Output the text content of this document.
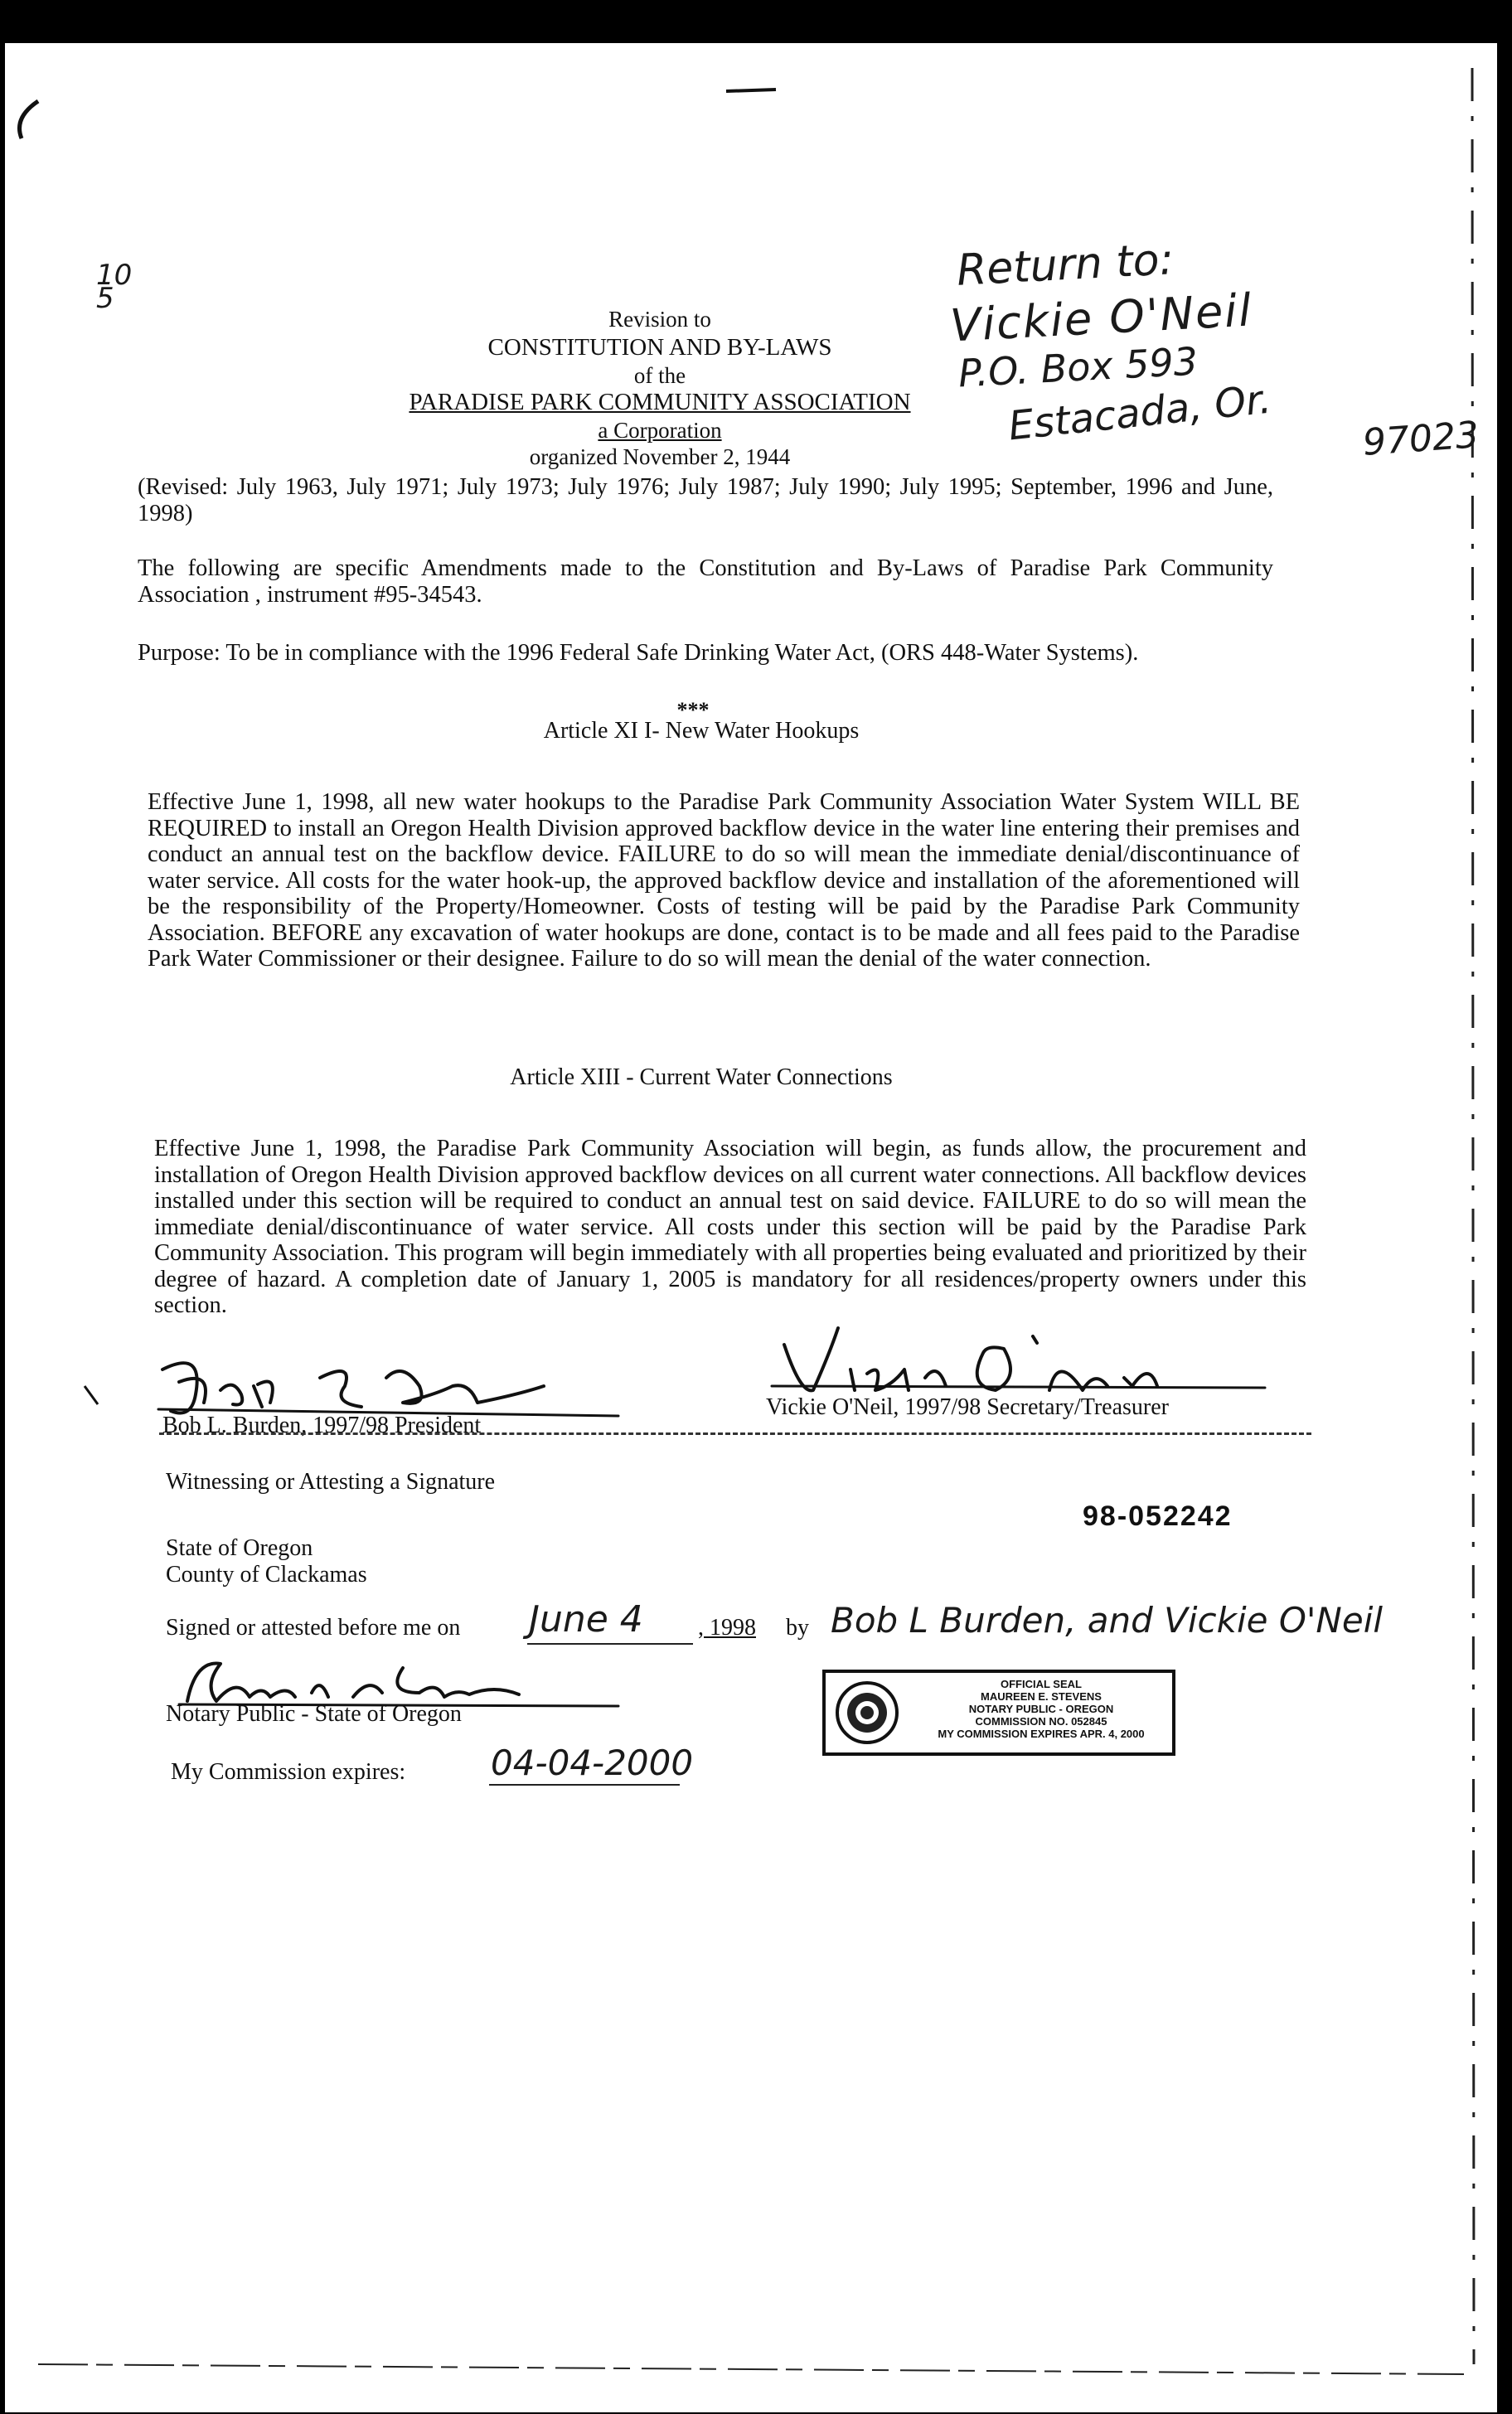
10
5
Return to:
Vickie O'Neil
P.O. Box 593
Estacada, Or. 97023
Revision to
CONSTITUTION AND BY-LAWS
of the
PARADISE PARK COMMUNITY ASSOCIATION
a Corporation
organized November 2, 1944
(Revised: July 1963, July 1971; July 1973; July 1976; July 1987; July 1990; July 1995; September, 1996 and June, 1998)
The following are specific Amendments made to the Constitution and By-Laws of Paradise Park Community Association , instrument #95-34543.
Purpose: To be in compliance with the 1996 Federal Safe Drinking Water Act, (ORS 448-Water Systems).
***
Article XI I- New Water Hookups
Effective June 1, 1998, all new water hookups to the Paradise Park Community Association Water System WILL BE REQUIRED to install an Oregon Health Division approved backflow device in the water line entering their premises and conduct an annual test on the backflow device. FAILURE to do so will mean the immediate denial/discontinuance of water service. All costs for the water hook-up, the approved backflow device and installation of the aforementioned will be the responsibility of the Property/Homeowner. Costs of testing will be paid by the Paradise Park Community Association. BEFORE any excavation of water hookups are done, contact is to be made and all fees paid to the Paradise Park Water Commissioner or their designee. Failure to do so will mean the denial of the water connection.
Article XIII - Current Water Connections
Effective June 1, 1998, the Paradise Park Community Association will begin, as funds allow, the procurement and installation of Oregon Health Division approved backflow devices on all current water connections. All backflow devices installed under this section will be required to conduct an annual test on said device. FAILURE to do so will mean the immediate denial/discontinuance of water service. All costs under this section will be paid by the Paradise Park Community Association. This program will begin immediately with all properties being evaluated and prioritized by their degree of hazard. A completion date of January 1, 2005 is mandatory for all residences/property owners under this section.
Bob L. Burden, 1997/98 President
Vickie O'Neil, 1997/98 Secretary/Treasurer
Witnessing or Attesting a Signature
98-052242
State of Oregon
County of Clackamas
Signed or attested before me on June 4 , 1998 by Bob L Burden, and Vickie O'Neil
Notary Public - State of Oregon
My Commission expires: 04-04-2000
OFFICIAL SEAL
MAUREEN E. STEVENS
NOTARY PUBLIC - OREGON
COMMISSION NO. 052845
MY COMMISSION EXPIRES APR. 4, 2000
